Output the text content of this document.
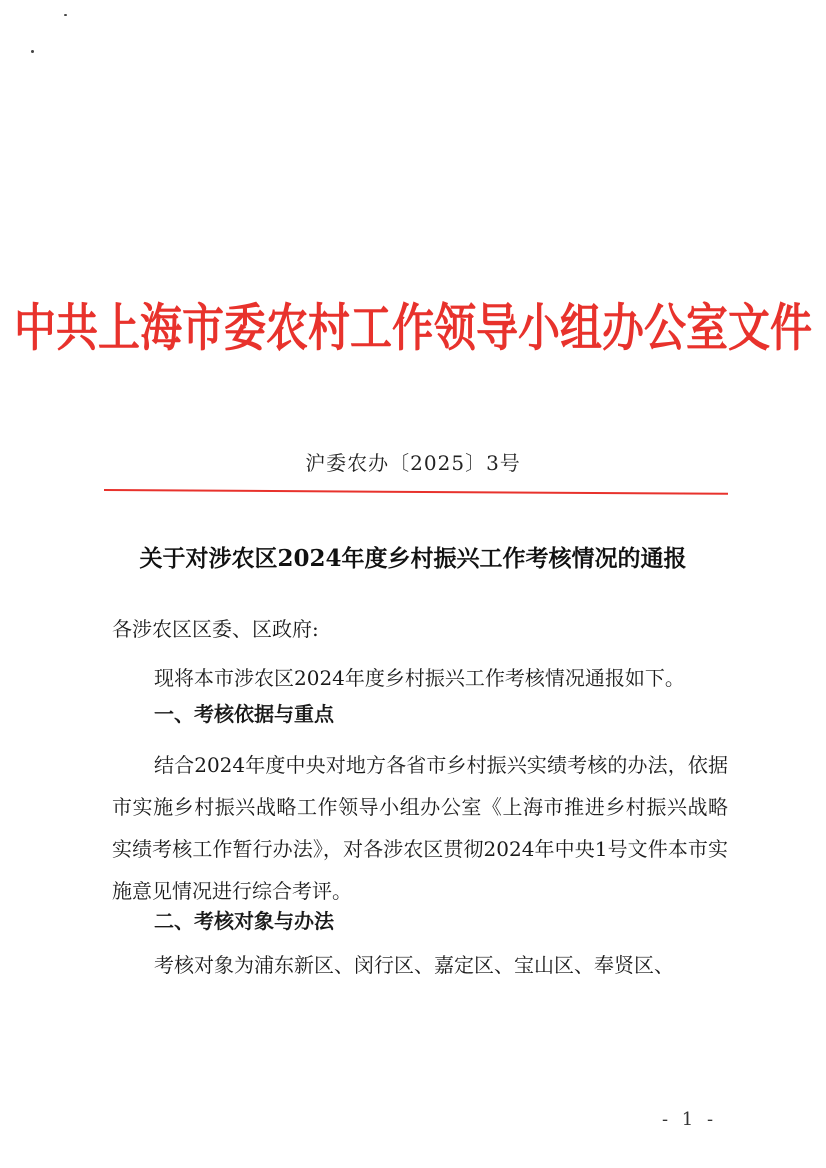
中共上海市委农村工作领导小组办公室文件
沪委农办〔2025〕3号
关于对涉农区2024年度乡村振兴工作考核情况的通报
各涉农区区委、区政府:
现将本市涉农区2024年度乡村振兴工作考核情况通报如下。
一、考核依据与重点
结合2024年度中央对地方各省市乡村振兴实绩考核的办法，依据市实施乡村振兴战略工作领导小组办公室《上海市推进乡村振兴战略实绩考核工作暂行办法》，对各涉农区贯彻2024年中央1号文件本市实施意见情况进行综合考评。
二、考核对象与办法
考核对象为浦东新区、闵行区、嘉定区、宝山区、奉贤区、
- 1 -
